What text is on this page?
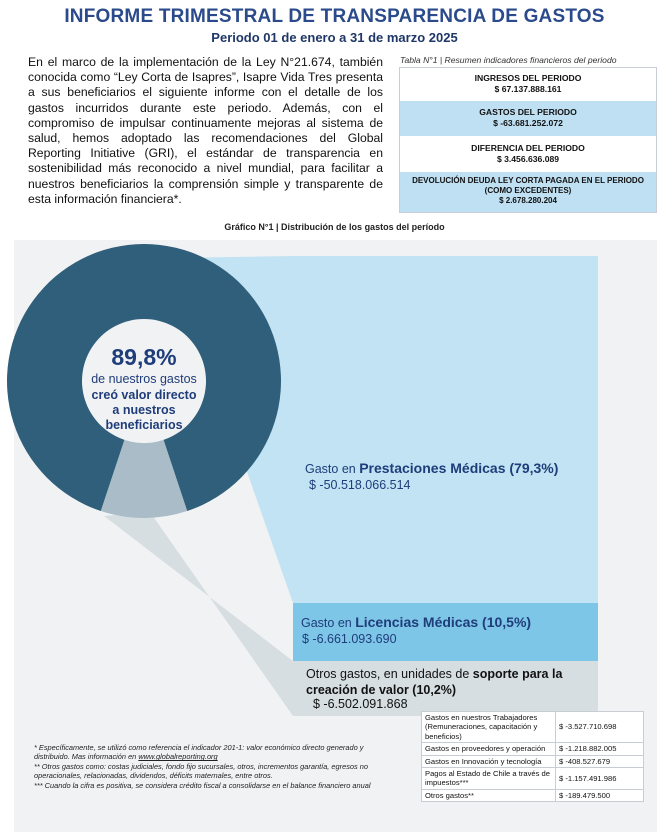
INFORME TRIMESTRAL DE TRANSPARENCIA DE GASTOS
Periodo 01 de enero a 31 de marzo 2025

En el marco de la implementación de la Ley N°21.674, también conocida como “Ley Corta de Isapres”, Isapre Vida Tres presenta a sus beneficiarios el siguiente informe con el detalle de los gastos incurridos durante este periodo. Además, con el compromiso de impulsar continuamente mejoras al sistema de salud, hemos adoptado las recomendaciones del Global Reporting Initiative (GRI), el estándar de transparencia en sostenibilidad más reconocido a nivel mundial, para facilitar a nuestros beneficiarios la comprensión simple y transparente de esta información financiera*.

Tabla N°1 | Resumen indicadores financieros del periodo
INGRESOS DEL PERIODO
$ 67.137.888.161
GASTOS DEL PERIODO
$ -63.681.252.072
DIFERENCIA DEL PERIODO
$ 3.456.636.089
DEVOLUCIÓN DEUDA LEY CORTA PAGADA EN EL PERIODO
(COMO EXCEDENTES)
$ 2.678.280.204
Gráfico N°1 | Distribución de los gastos del período
89,8%
de nuestros gastos
creó valor directo
a nuestros
beneficiarios
Gasto en Prestaciones Médicas (79,3%)
$ -50.518.066.514
Gasto en Licencias Médicas (10,5%)
$ -6.661.093.690
Otros gastos, en unidades de soporte para la creación de valor (10,2%)
$ -6.502.091.868
* Específicamente, se utilizó como referencia el indicador 201-1: valor económico directo generado y distribuido. Mas información en www.globalreporting.org
** Otros gastos como: costas judiciales, fondo fijo sucursales, otros, incrementos garantía, egresos no operacionales, relacionadas, dividendos, déficits maternales, entre otros.
*** Cuando la cifra es positiva, se considera crédito fiscal a consolidarse en el balance financiero anual
Gastos en nuestros Trabajadores (Remuneraciones, capacitación y beneficios)	$ -3.527.710.698
Gastos en proveedores y operación	$ -1.218.882.005
Gastos en Innovación y tecnología	$ -408.527.679
Pagos al Estado de Chile a través de impuestos***	$ -1.157.491.986
Otros gastos**	$ -189.479.500
